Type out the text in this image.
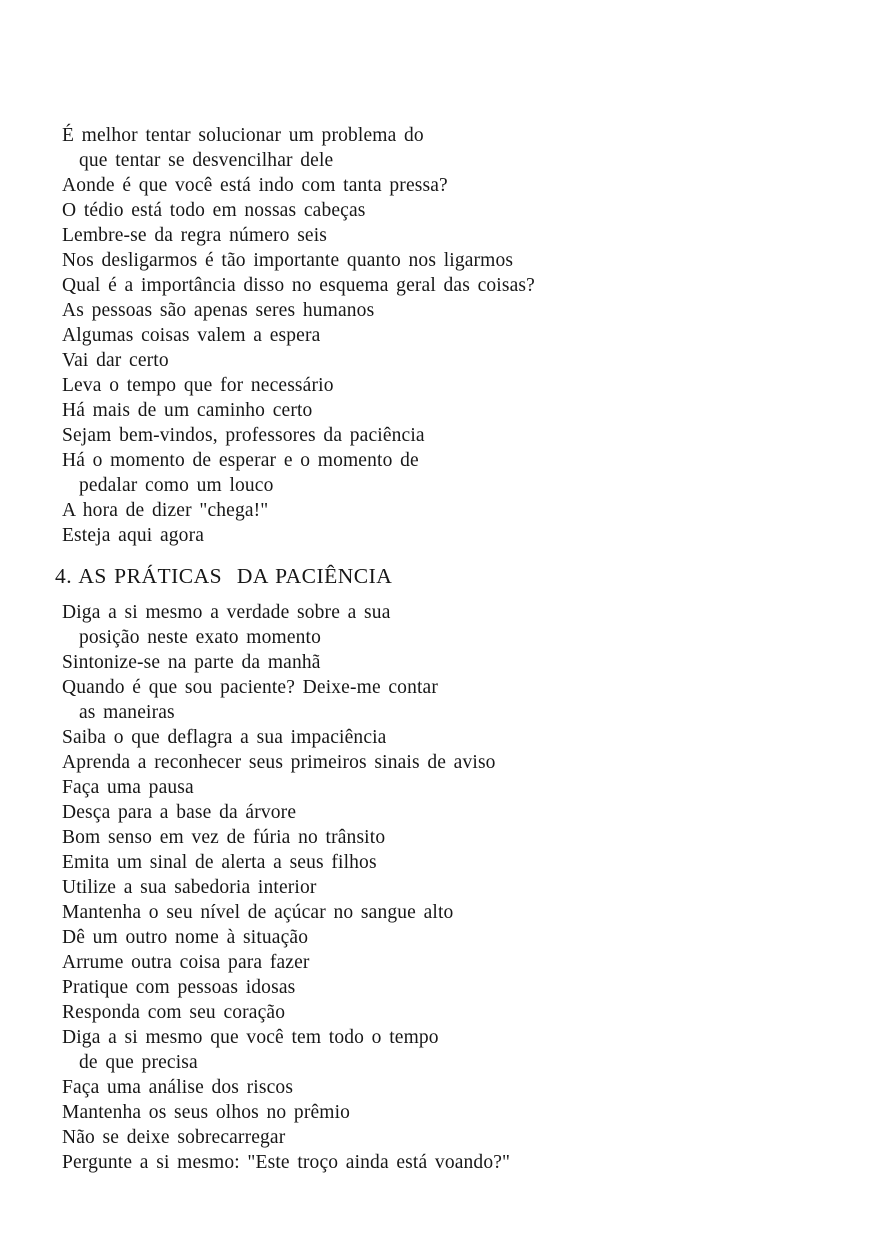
É melhor tentar solucionar um problema do

que tentar se desvencilhar dele

Aonde é que você está indo com tanta pressa?

O tédio está todo em nossas cabeças

Lembre-se da regra número seis

Nos desligarmos é tão importante quanto nos ligarmos

Qual é a importância disso no esquema geral das coisas?

As pessoas são apenas seres humanos

Algumas coisas valem a espera

Vai dar certo

Leva o tempo que for necessário

Há mais de um caminho certo

Sejam bem-vindos, professores da paciência

Há o momento de esperar e o momento de

pedalar como um louco

A hora de dizer "chega!"

Esteja aqui agora

4. AS PRÁTICAS  DA PACIÊNCIA

Diga a si mesmo a verdade sobre a sua

posição neste exato momento

Sintonize-se na parte da manhã

Quando é que sou paciente? Deixe-me contar

as maneiras

Saiba o que deflagra a sua impaciência

Aprenda a reconhecer seus primeiros sinais de aviso

Faça uma pausa

Desça para a base da árvore

Bom senso em vez de fúria no trânsito

Emita um sinal de alerta a seus filhos

Utilize a sua sabedoria interior

Mantenha o seu nível de açúcar no sangue alto

Dê um outro nome à situação

Arrume outra coisa para fazer

Pratique com pessoas idosas

Responda com seu coração

Diga a si mesmo que você tem todo o tempo

de que precisa

Faça uma análise dos riscos

Mantenha os seus olhos no prêmio

Não se deixe sobrecarregar

Pergunte a si mesmo: "Este troço ainda está voando?"
